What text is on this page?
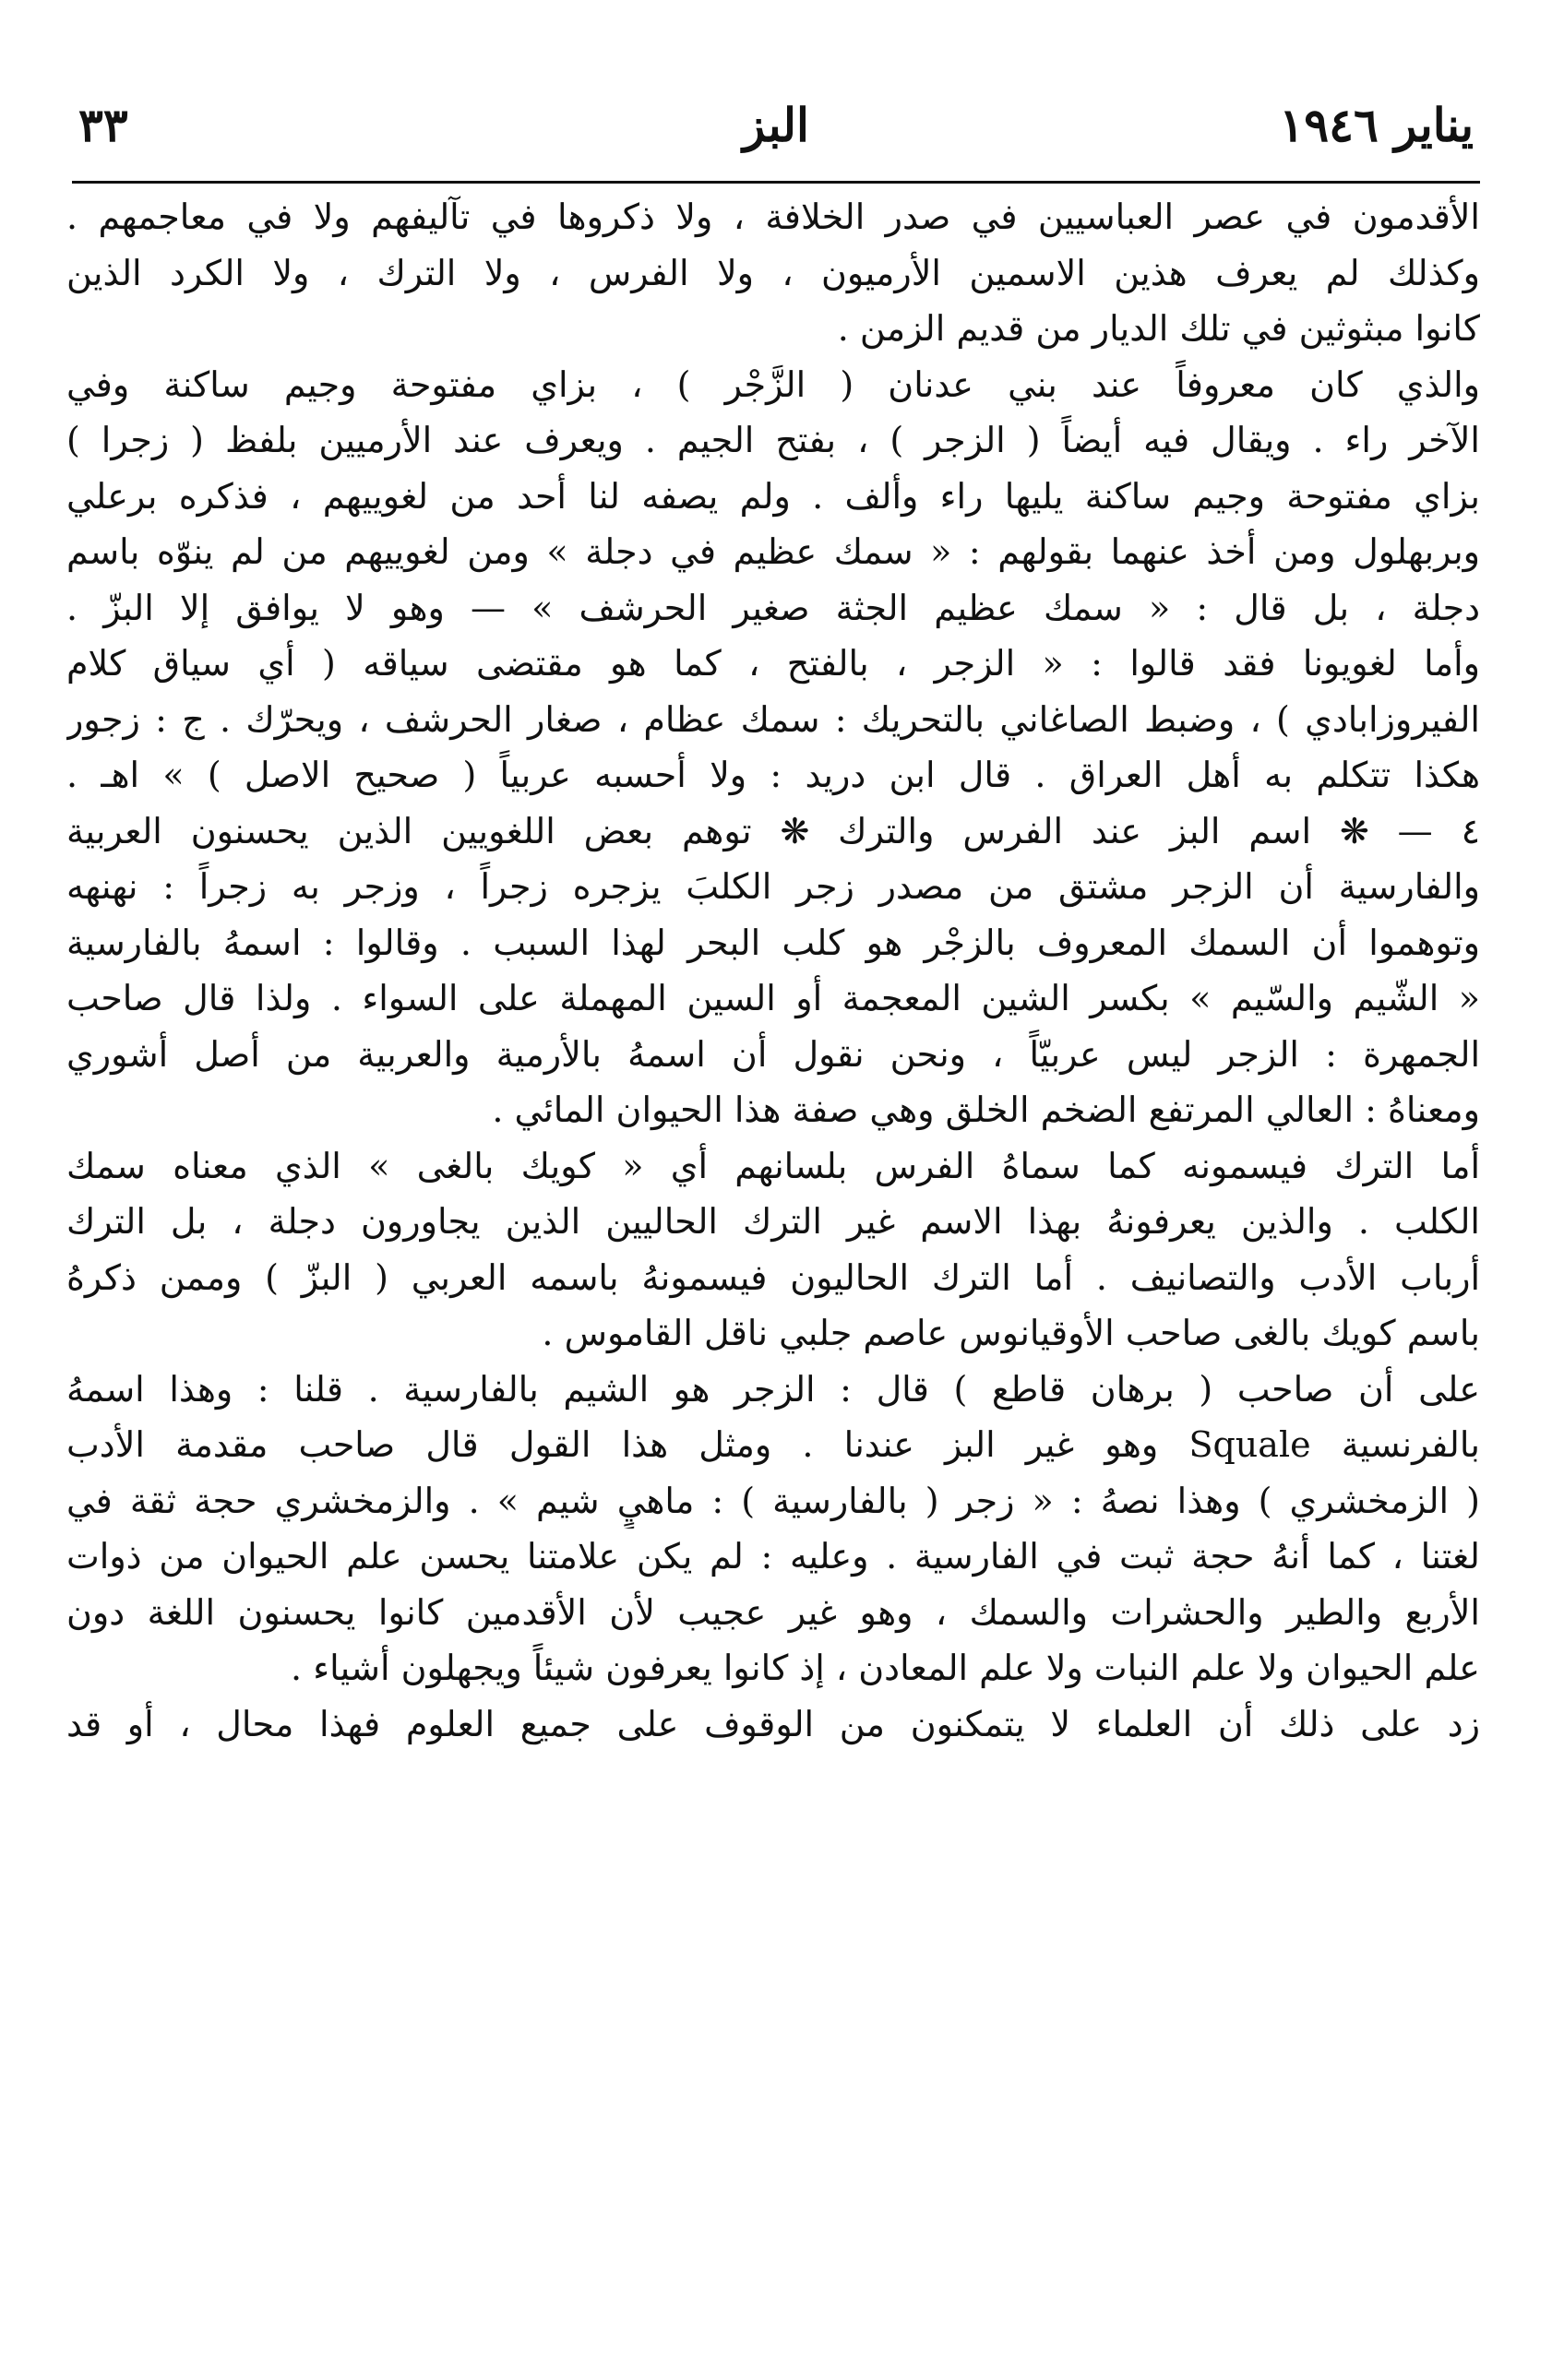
يناير ١٩٤٦
البز
٣٣
الأقدمون في عصر العباسيين في صدر الخلافة ، ولا ذكروها في تآليفهم ولا في معاجمهم .
وكذلك لم يعرف هذين الاسمين الأرميون ، ولا الفرس ، ولا الترك ، ولا الكرد الذين
كانوا مبثوثين في تلك الديار من قديم الزمن .
والذي كان معروفاً عند بني عدنان ( الزَّجْر ) ، بزاي مفتوحة وجيم ساكنة وفي
الآخر راء . ويقال فيه أيضاً ( الزجر ) ، بفتح الجيم . ويعرف عند الأرميين بلفظ ( زجرا )
بزاي مفتوحة وجيم ساكنة يليها راء وألف . ولم يصفه لنا أحد من لغوييهم ، فذكره برعلي
وبربهلول ومن أخذ عنهما بقولهم : « سمك عظيم في دجلة » ومن لغوييهم من لم ينوّه باسم
دجلة ، بل قال : « سمك عظيم الجثة صغير الحرشف » — وهو لا يوافق إلا البزّ .
وأما لغويونا فقد قالوا : « الزجر ، بالفتح ، كما هو مقتضى سياقه ( أي سياق كلام
الفيروزابادي ) ، وضبط الصاغاني بالتحريك : سمك عظام ، صغار الحرشف ، ويحرّك . ج : زجور
هكذا تتكلم به أهل العراق . قال ابن دريد : ولا أحسبه عربياً ( صحيح الاصل ) » اهـ .
٤ — ❋ اسم البز عند الفرس والترك ❋ توهم بعض اللغويين الذين يحسنون العربية
والفارسية أن الزجر مشتق من مصدر زجر الكلبَ يزجره زجراً ، وزجر به زجراً : نهنهه
وتوهموا أن السمك المعروف بالزجْر هو كلب البحر لهذا السبب . وقالوا : اسمهُ بالفارسية
« الشّيم والسّيم » بكسر الشين المعجمة أو السين المهملة على السواء . ولذا قال صاحب
الجمهرة : الزجر ليس عربيّاً ، ونحن نقول أن اسمهُ بالأرمية والعربية من أصل أشوري
ومعناهُ : العالي المرتفع الضخم الخلق وهي صفة هذا الحيوان المائي .
أما الترك فيسمونه كما سماهُ الفرس بلسانهم أي « كويك بالغى » الذي معناه سمك
الكلب . والذين يعرفونهُ بهذا الاسم غير الترك الحاليين الذين يجاورون دجلة ، بل الترك
أرباب الأدب والتصانيف . أما الترك الحاليون فيسمونهُ باسمه العربي ( البزّ ) وممن ذكرهُ
باسم كويك بالغى صاحب الأوقيانوس عاصم جلبي ناقل القاموس .
على أن صاحب ( برهان قاطع ) قال : الزجر هو الشيم بالفارسية . قلنا : وهذا اسمهُ
بالفرنسية Squale وهو غير البز عندنا . ومثل هذا القول قال صاحب مقدمة الأدب
( الزمخشري ) وهذا نصهُ : « زجر ( بالفارسية ) : ماهيٍ شيم » . والزمخشري حجة ثقة في
لغتنا ، كما أنهُ حجة ثبت في الفارسية . وعليه : لم يكن علامتنا يحسن علم الحيوان من ذوات
الأربع والطير والحشرات والسمك ، وهو غير عجيب لأن الأقدمين كانوا يحسنون اللغة دون
علم الحيوان ولا علم النبات ولا علم المعادن ، إذ كانوا يعرفون شيئاً ويجهلون أشياء .
زد على ذلك أن العلماء لا يتمكنون من الوقوف على جميع العلوم فهذا محال ، أو قد
